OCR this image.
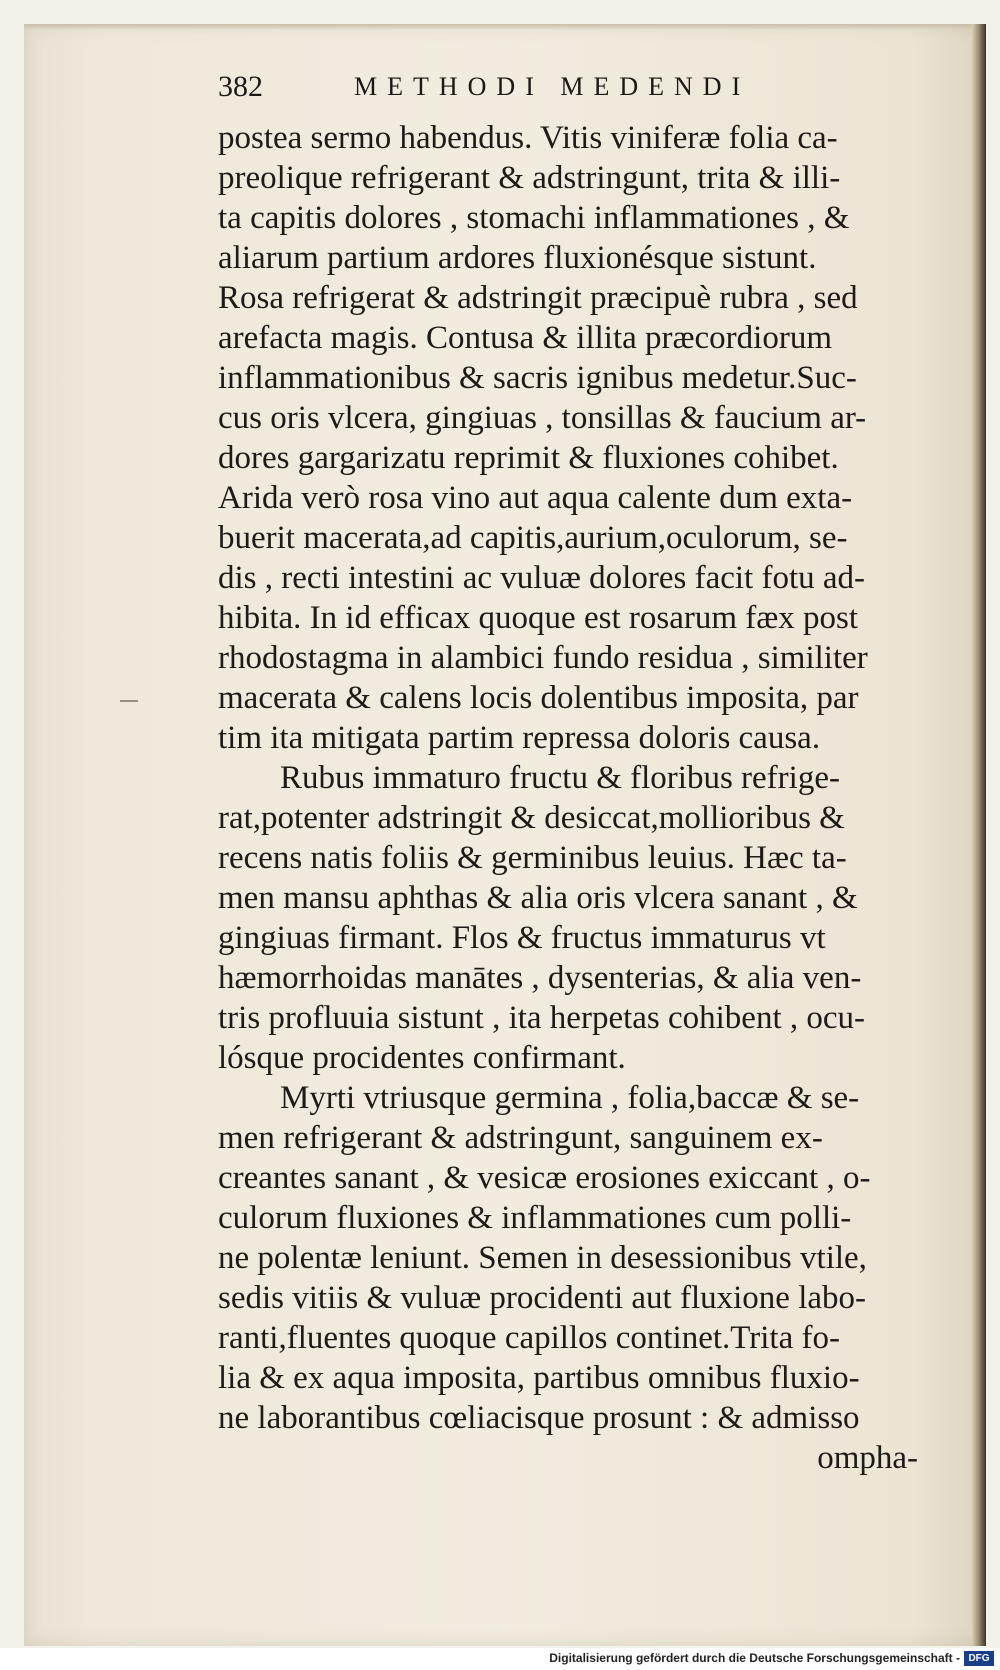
382	METHODI MEDENDI
postea sermo habendus. Vitis viniferæ folia ca-
preolique refrigerant & adstringunt, trita & illi-
ta capitis dolores , stomachi inflammationes , &
aliarum partium ardores fluxionésque sistunt.
Rosa refrigerat & adstringit præcipuè rubra , sed
arefacta magis. Contusa & illita præcordiorum
inflammationibus & sacris ignibus medetur.Suc-
cus oris vlcera, gingiuas , tonsillas & faucium ar-
dores gargarizatu reprimit & fluxiones cohibet.
Arida verò rosa vino aut aqua calente dum exta-
buerit macerata,ad capitis,aurium,oculorum, se-
dis , recti intestini ac vuluæ dolores facit fotu ad-
hibita. In id efficax quoque est rosarum fæx post
rhodostagma in alambici fundo residua , similiter
macerata & calens locis dolentibus imposita, par
tim ita mitigata partim repressa doloris causa.
Rubus immaturo fructu & floribus refrige-
rat,potenter adstringit & desiccat,mollioribus &
recens natis foliis & germinibus leuius. Hæc ta-
men mansu aphthas & alia oris vlcera sanant , &
gingiuas firmant. Flos & fructus immaturus vt
hæmorrhoidas manātes , dysenterias, & alia ven-
tris profluuia sistunt , ita herpetas cohibent , ocu-
lósque procidentes confirmant.
Myrti vtriusque germina , folia,baccæ & se-
men refrigerant & adstringunt, sanguinem ex-
creantes sanant , & vesicæ erosiones exiccant , o-
culorum fluxiones & inflammationes cum polli-
ne polentæ leniunt. Semen in desessionibus vtile,
sedis vitiis & vuluæ procidenti aut fluxione labo-
ranti,fluentes quoque capillos continet.Trita fo-
lia & ex aqua imposita, partibus omnibus fluxio-
ne laborantibus cœliacisque prosunt : & admisso
ompha-
Digitalisierung gefördert durch die Deutsche Forschungsgemeinschaft - DFG
